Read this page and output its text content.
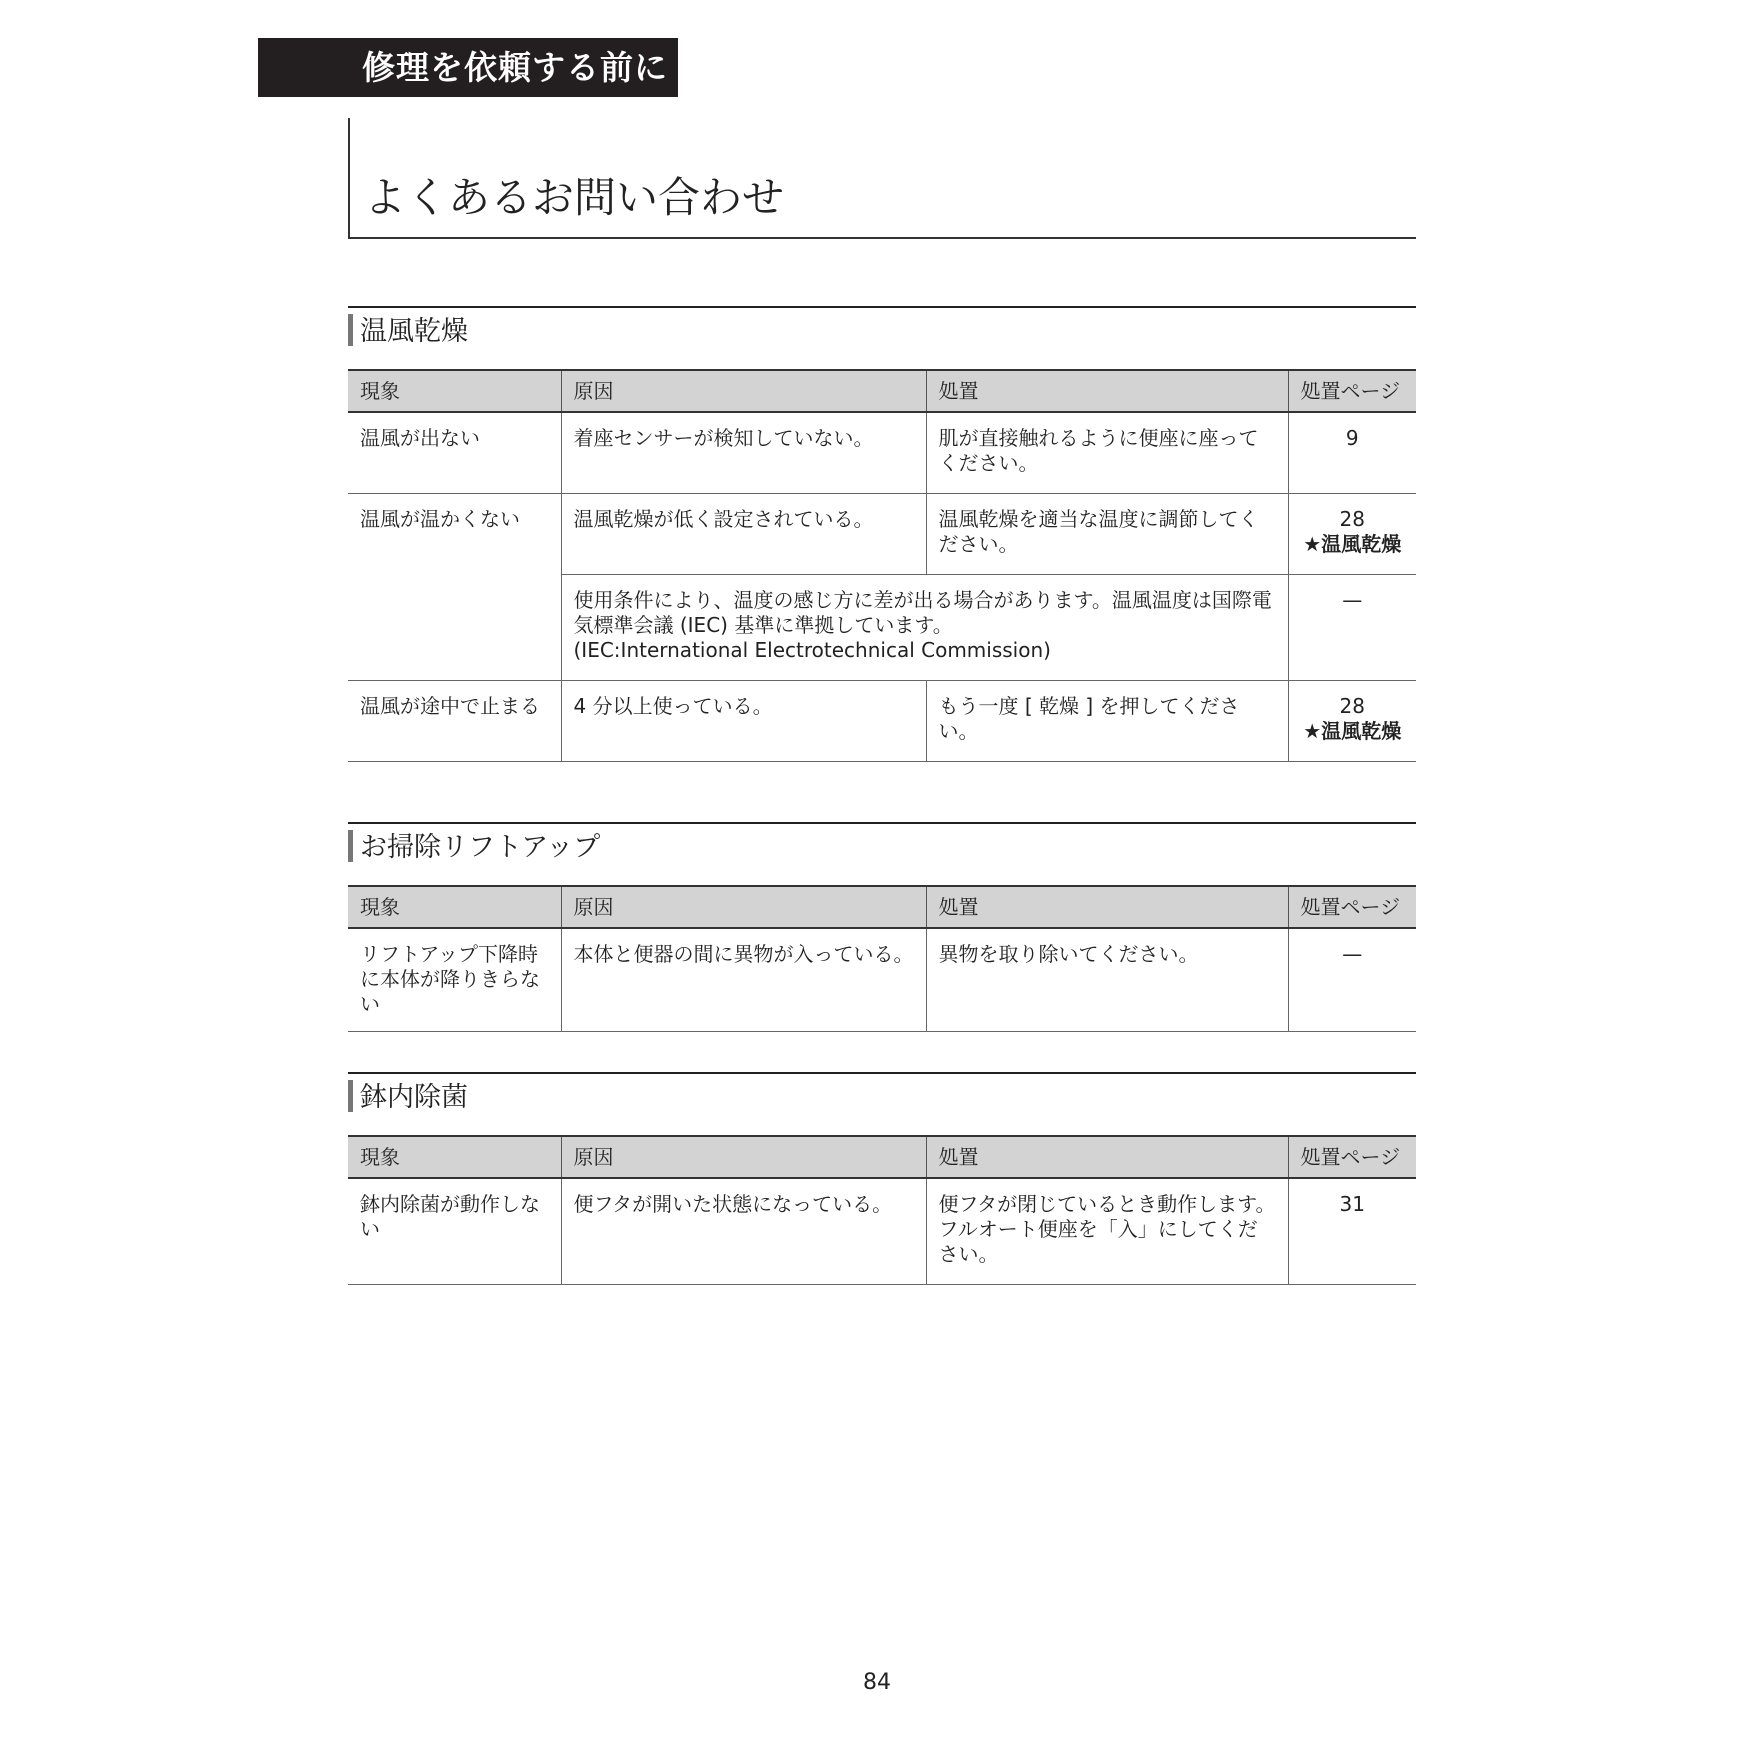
修理を依頼する前に
よくあるお問い合わせ
温風乾燥
現象	原因	処置	処置ページ
温風が出ない	着座センサーが検知していない。	肌が直接触れるように便座に座ってください。	9
温風が温かくない	温風乾燥が低く設定されている。	温風乾燥を適当な温度に調節してください。	28
★温風乾燥

	使用条件により、温度の感じ方に差が出る場合があります。温風温度は国際電気標準会議 (IEC) 基準に準拠しています。
(IEC:International Electrotechnical Commission)		—
温風が途中で止まる	4 分以上使っている。	もう一度 [ 乾燥 ] を押してください。	28
★温風乾燥
お掃除リフトアップ
現象	原因	処置	処置ページ
リフトアップ下降時に本体が降りきらない	本体と便器の間に異物が入っている。	異物を取り除いてください。	—
鉢内除菌
現象	原因	処置	処置ページ
鉢内除菌が動作しない	便フタが開いた状態になっている。	便フタが閉じているとき動作します。
フルオート便座を「入」にしてください。	31
84
